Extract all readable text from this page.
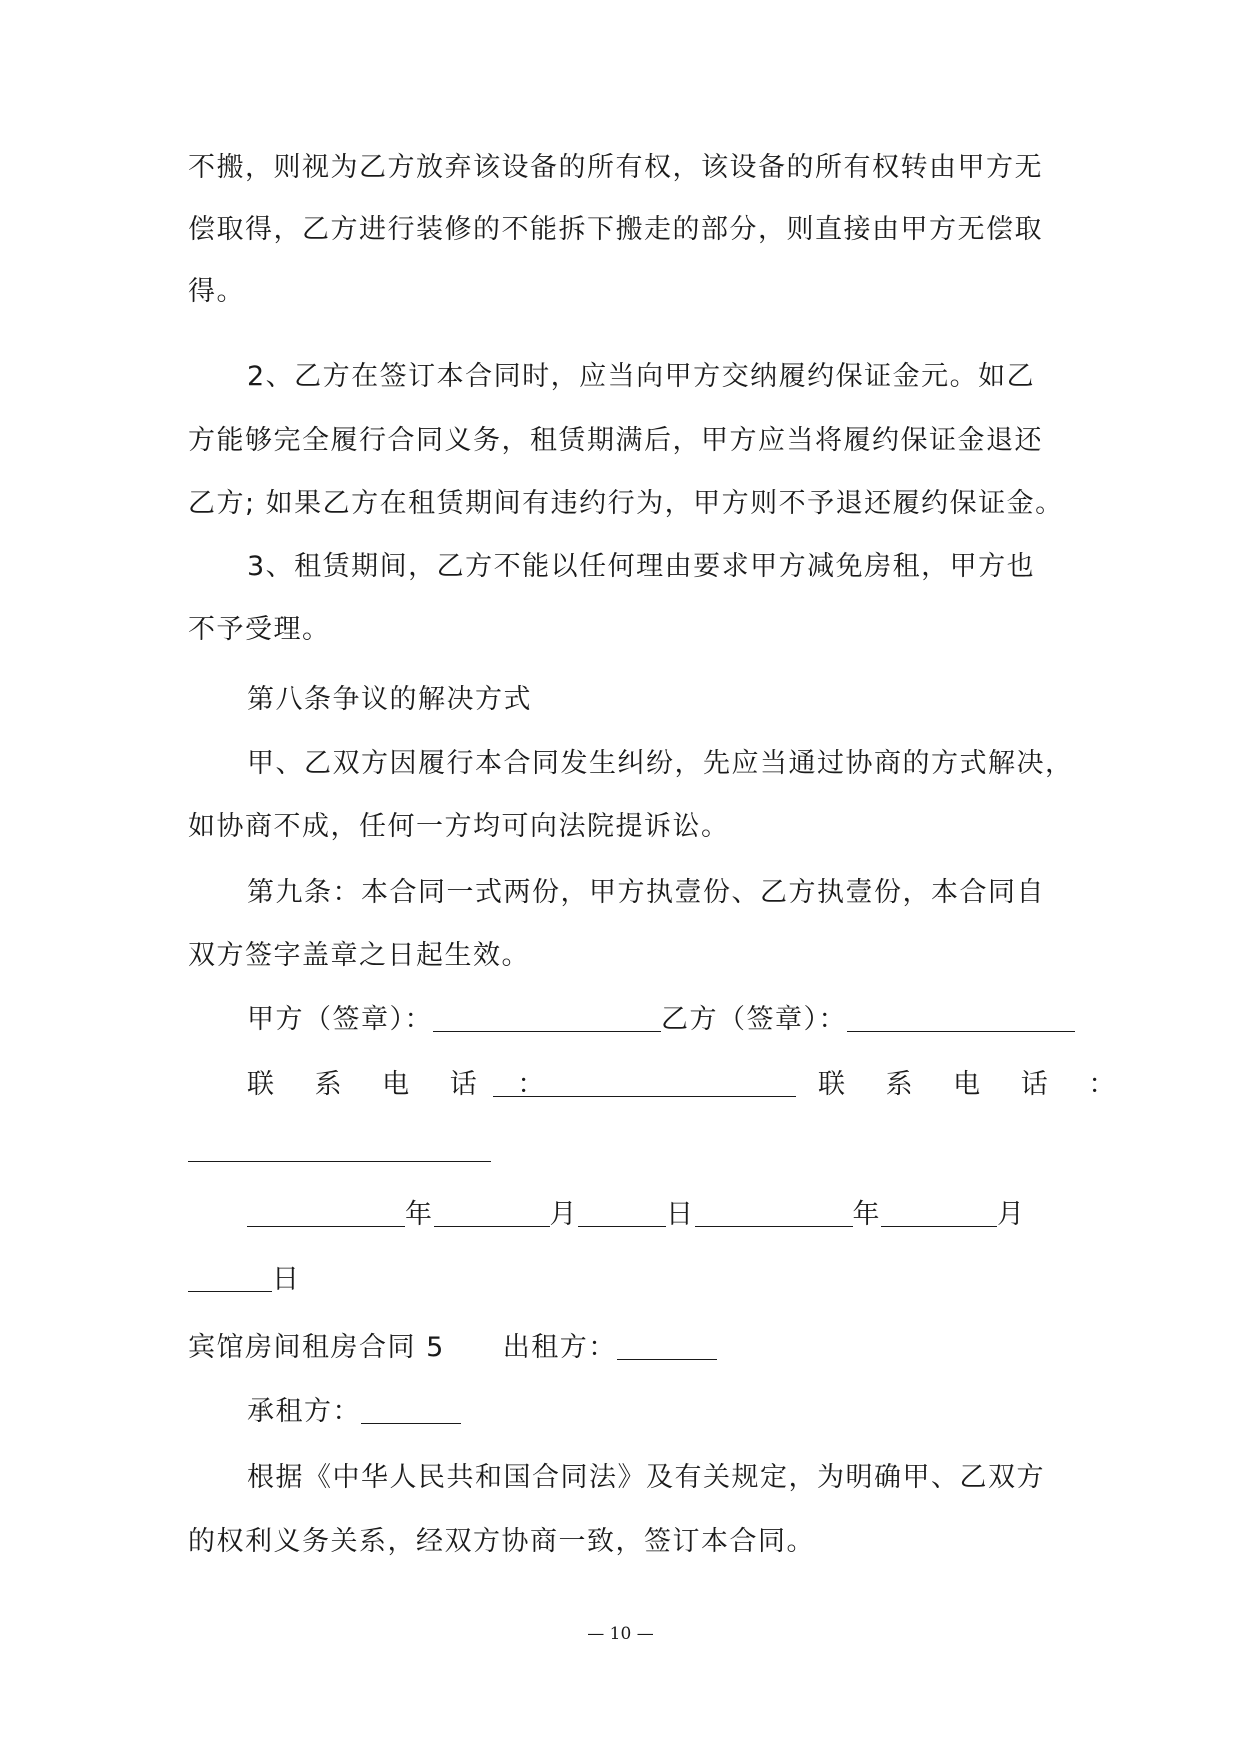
不搬，则视为乙方放弃该设备的所有权，该设备的所有权转由甲方无
偿取得，乙方进行装修的不能拆下搬走的部分，则直接由甲方无偿取
得。
2、乙方在签订本合同时，应当向甲方交纳履约保证金元。如乙
方能够完全履行合同义务，租赁期满后，甲方应当将履约保证金退还
乙方; 如果乙方在租赁期间有违约行为，甲方则不予退还履约保证金。
3、租赁期间，乙方不能以任何理由要求甲方减免房租，甲方也
不予受理。
第八条争议的解决方式
甲、乙双方因履行本合同发生纠纷，先应当通过协商的方式解决，
如协商不成，任何一方均可向法院提诉讼。
第九条：本合同一式两份，甲方执壹份、乙方执壹份，本合同自
双方签字盖章之日起生效。
甲方（签章）：	乙方（签章）：
联 系 电 话 ：	联 系 电 话 ：
年	月	日	年	月
日
宾馆房间租房合同 5 出租方：
承租方：
根据《中华人民共和国合同法》及有关规定，为明确甲、乙双方
的权利义务关系，经双方协商一致，签订本合同。
— 10 —
